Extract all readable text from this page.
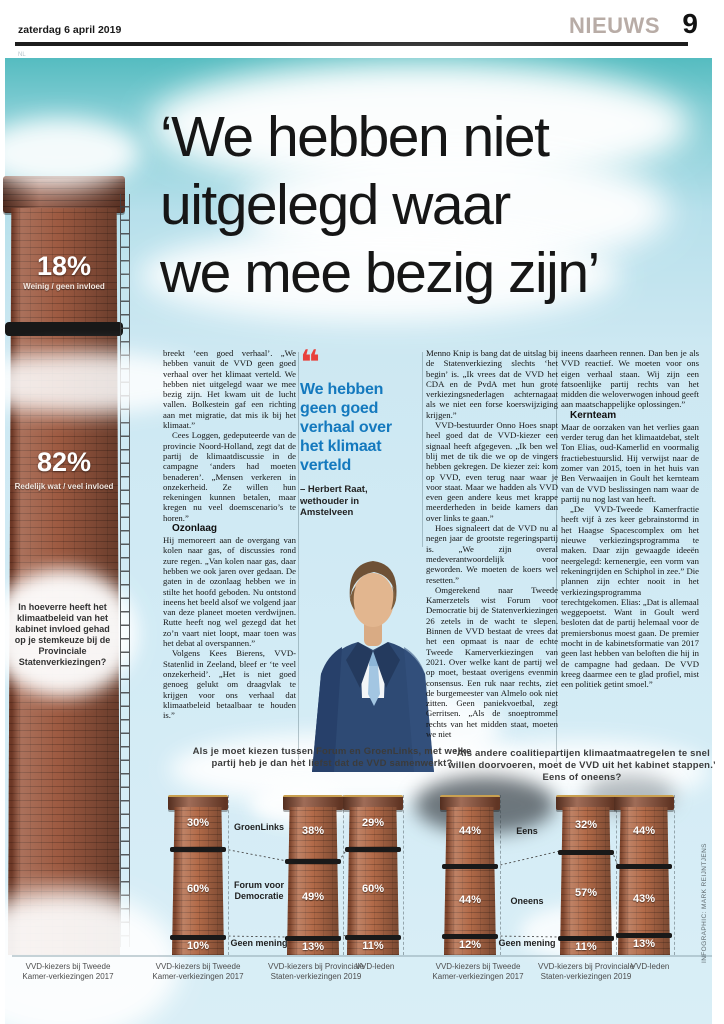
zaterdag 6 april 2019	NIEUWS 9
NL
‘We hebben niet
uitgelegd waar
we mee bezig zijn’
18%
Weinig / geen invloed
82%
Redelijk wat / veel invloed
In hoeverre heeft het klimaatbeleid van het kabinet invloed gehad op je stemkeuze bij de Provinciale Statenverkiezingen?

breekt ‘een goed verhaal’. „We hebben vanuit de VVD geen goed verhaal over het klimaat verteld. We hebben niet uitgelegd waar we mee bezig zijn. Het kwam uit de lucht vallen. Bolkestein gaf een richting aan met migratie, dat mis ik bij het klimaat.”

Cees Loggen, gedeputeerde van de provincie Noord-Holland, zegt dat de partij de klimaatdiscussie in de campagne ‘anders had moeten benaderen’. „Mensen verkeren in onzekerheid. Ze willen hun rekeningen kunnen betalen, maar kregen nu veel doemscenario’s te horen.”

Ozonlaag

Hij memoreert aan de overgang van kolen naar gas, of discussies rond zure regen. „Van kolen naar gas, daar hebben we ook jaren over gedaan. De gaten in de ozonlaag hebben we in stilte het hoofd geboden. Nu ontstond ineens het beeld alsof we volgend jaar van deze planeet moeten verdwijnen. Rutte heeft nog wel gezegd dat het zo’n vaart niet loopt, maar toen was het debat al overspannen.”

Volgens Kees Bierens, VVD-Statenlid in Zeeland, bleef er ‘te veel onzekerheid’. „Het is niet goed genoeg gelukt om draagvlak te krijgen voor ons verhaal dat klimaatbeleid betaalbaar te houden is.”

❝
We hebben geen goed verhaal over het klimaat verteld
– Herbert Raat, wethouder in Amstelveen

Menno Knip is bang dat de uitslag bij de Statenverkiezing slechts ‘het begin’ is. „Ik vrees dat de VVD het CDA en de PvdA met hun grote verkiezingsnederlagen achternagaat als we niet een forse koerswijziging krijgen.”

VVD-bestuurder Onno Hoes snapt heel goed dat de VVD-kiezer een signaal heeft afgegeven. „Ik ben wel blij met de tik die we op de vingers hebben gekregen. De kiezer zei: kom op VVD, even terug naar waar je voor staat. Maar we hadden als VVD even geen andere keus met krappe meerderheden in beide kamers dan over links te gaan.”

Hoes signaleert dat de VVD nu al negen jaar de grootste regeringspartij is. „We zijn overal medeverantwoordelijk voor geworden. We moeten de koers wel resetten.”

Omgerekend naar Tweede Kamerzetels wist Forum voor Democratie bij de Statenverkiezingen 26 zetels in de wacht te slepen. Binnen de VVD bestaat de vrees dat het een opmaat is naar de echte Tweede Kamerverkiezingen van 2021. Over welke kant de partij wel op moet, bestaat overigens evenmin consensus. Een ruk naar rechts, ziet de burgemeester van Almelo ook niet zitten. Geen paniekvoetbal, zegt Gerritsen. „Als de snoeptrommel rechts van het midden staat, moeten we niet

ineens daarheen rennen. Dan ben je als VVD reactief. We moeten voor ons eigen verhaal staan. Wij zijn een fatsoenlijke partij rechts van het midden die weloverwogen inhoud geeft aan maatschappelijke oplossingen.”

Kernteam

Maar de oorzaken van het verlies gaan verder terug dan het klimaatdebat, stelt Ton Elias, oud-Kamerlid en voormalig fractiebestuurslid. Hij verwijst naar de zomer van 2015, toen in het huis van Ben Verwaaijen in Goult het kernteam van de VVD beslissingen nam waar de partij nu nog last van heeft.

„De VVD-Tweede Kamerfractie heeft vijf à zes keer gebrainstormd in het Haagse Spacescomplex om het nieuwe verkiezingsprogramma te maken. Daar zijn gewaagde ideeën neergelegd: kernenergie, een vorm van rekeningrijden en Schiphol in zee.” Die plannen zijn echter nooit in het verkiezingsprogramma terechtgekomen. Elias: „Dat is allemaal weggepoetst. Want in Goult werd besloten dat de partij helemaal voor de premiersbonus moest gaan. De premier mocht in de kabinetsformatie van 2017 geen last hebben van beloften die hij in de campagne had gedaan. De VVD kreeg daarmee een te glad profiel, mist een politiek getint smoel.”

Als je moet kiezen tussen Forum en GroenLinks, met welke partij heb je dan het liefst dat de VVD samenwerkt?
‘Als andere coalitiepartijen klimaatmaatregelen te snel willen doorvoeren, moet de VVD uit het kabinet stappen.’ Eens of oneens?
30%
60%
10%
38%
49%
13%
29%
60%
11%
GroenLinks
Forum voor Democratie
Geen mening
44%
44%
12%
32%
57%
11%
44%
43%
13%
Eens
Oneens
Geen mening
VVD-kiezers bij Tweede Kamer-verkiezingen 2017
VVD-kiezers bij Tweede Kamer-verkiezingen 2017
VVD-kiezers bij Provinciale Staten-verkiezingen 2019
VVD-leden	VVD-kiezers bij Tweede Kamer-verkiezingen 2017
VVD-kiezers bij Provinciale Staten-verkiezingen 2019
VVD-leden
INFOGRAPHIC: MARK REIJNTJENS
